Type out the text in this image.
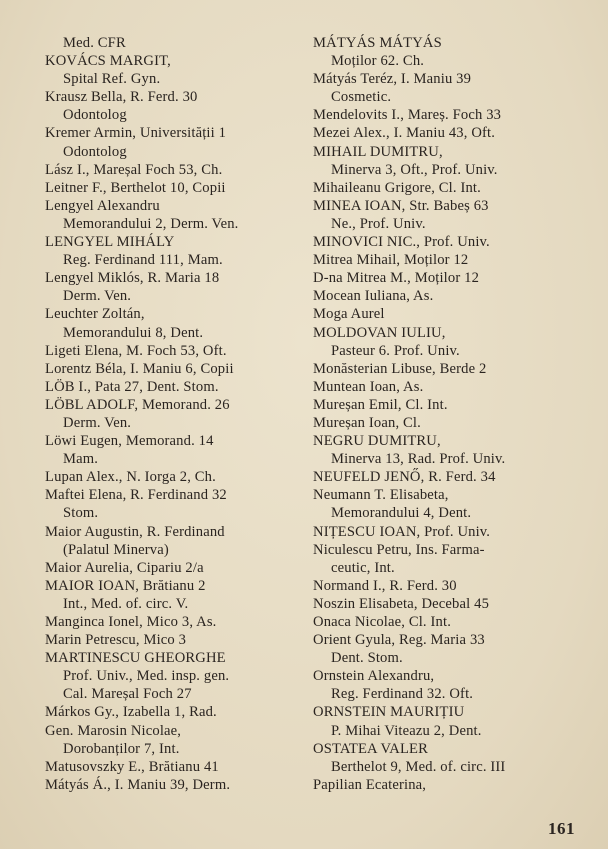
Med. CFR
KOVÁCS MARGIT,
Spital Ref. Gyn.
Krausz Bella, R. Ferd. 30
Odontolog
Kremer Armin, Universității 1
Odontolog
Lász I., Mareșal Foch 53, Ch.
Leitner F., Berthelot 10, Copii
Lengyel Alexandru
Memorandului 2, Derm. Ven.
LENGYEL MIHÁLY
Reg. Ferdinand 111, Mam.
Lengyel Miklós, R. Maria 18
Derm. Ven.
Leuchter Zoltán,
Memorandului 8, Dent.
Ligeti Elena, M. Foch 53, Oft.
Lorentz Béla, I. Maniu 6, Copii
LÖB I., Pata 27, Dent. Stom.
LÖBL ADOLF, Memorand. 26
Derm. Ven.
Löwi Eugen, Memorand. 14
Mam.
Lupan Alex., N. Iorga 2, Ch.
Maftei Elena, R. Ferdinand 32
Stom.
Maior Augustin, R. Ferdinand
(Palatul Minerva)
Maior Aurelia, Cipariu 2/a
MAIOR IOAN, Brătianu 2
Int., Med. of. circ. V.
Manginca Ionel, Mico 3, As.
Marin Petrescu, Mico 3
MARTINESCU GHEORGHE
Prof. Univ., Med. insp. gen.
Cal. Mareșal Foch 27
Márkos Gy., Izabella 1, Rad.
Gen. Marosin Nicolae,
Dorobanților 7, Int.
Matusovszky E., Brătianu 41
Mátyás Á., I. Maniu 39, Derm.
MÁTYÁS MÁTYÁS
Moților 62. Ch.
Mátyás Teréz, I. Maniu 39
Cosmetic.
Mendelovits I., Mareș. Foch 33
Mezei Alex., I. Maniu 43, Oft.
MIHAIL DUMITRU,
Minerva 3, Oft., Prof. Univ.
Mihaileanu Grigore, Cl. Int.
MINEA IOAN, Str. Babeș 63
Ne., Prof. Univ.
MINOVICI NIC., Prof. Univ.
Mitrea Mihail, Moților 12
D-na Mitrea M., Moților 12
Mocean Iuliana, As.
Moga Aurel
MOLDOVAN IULIU,
Pasteur 6. Prof. Univ.
Monăsterian Libuse, Berde 2
Muntean Ioan, As.
Mureșan Emil, Cl. Int.
Mureșan Ioan, Cl.
NEGRU DUMITRU,
Minerva 13, Rad. Prof. Univ.
NEUFELD JENŐ, R. Ferd. 34
Neumann T. Elisabeta,
Memorandului 4, Dent.
NIȚESCU IOAN, Prof. Univ.
Niculescu Petru, Ins. Farma-
ceutic, Int.
Normand I., R. Ferd. 30
Noszin Elisabeta, Decebal 45
Onaca Nicolae, Cl. Int.
Orient Gyula, Reg. Maria 33
Dent. Stom.
Ornstein Alexandru,
Reg. Ferdinand 32. Oft.
ORNSTEIN MAURIȚIU
P. Mihai Viteazu 2, Dent.
OSTATEA VALER
Berthelot 9, Med. of. circ. III
Papilian Ecaterina,
161
